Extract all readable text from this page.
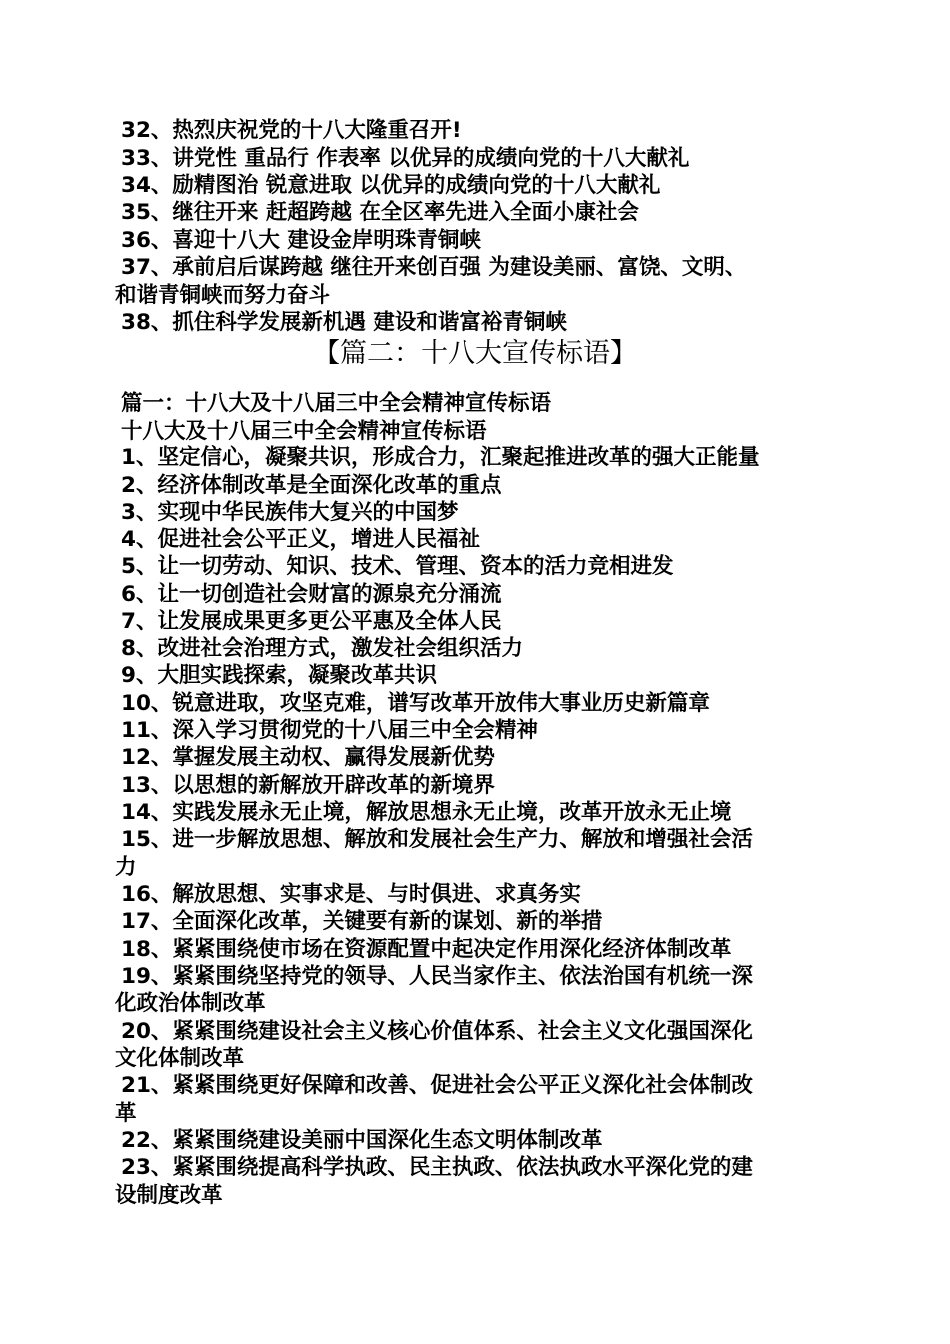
32、热烈庆祝党的十八大隆重召开!
33、讲党性 重品行 作表率 以优异的成绩向党的十八大献礼
34、励精图治 锐意进取 以优异的成绩向党的十八大献礼
35、继往开来 赶超跨越 在全区率先进入全面小康社会
36、喜迎十八大 建设金岸明珠青铜峡
37、承前启后谋跨越 继往开来创百强 为建设美丽、富饶、文明、
和谐青铜峡而努力奋斗
38、抓住科学发展新机遇 建设和谐富裕青铜峡
【篇二：十八大宣传标语】
篇一：十八大及十八届三中全会精神宣传标语
十八大及十八届三中全会精神宣传标语
1、坚定信心，凝聚共识，形成合力，汇聚起推进改革的强大正能量
2、经济体制改革是全面深化改革的重点
3、实现中华民族伟大复兴的中国梦
4、促进社会公平正义，增进人民福祉
5、让一切劳动、知识、技术、管理、资本的活力竞相进发
6、让一切创造社会财富的源泉充分涌流
7、让发展成果更多更公平惠及全体人民
8、改进社会治理方式，激发社会组织活力
9、大胆实践探索，凝聚改革共识
10、锐意进取，攻坚克难，谱写改革开放伟大事业历史新篇章
11、深入学习贯彻党的十八届三中全会精神
12、掌握发展主动权、赢得发展新优势
13、以思想的新解放开辟改革的新境界
14、实践发展永无止境，解放思想永无止境，改革开放永无止境
15、进一步解放思想、解放和发展社会生产力、解放和增强社会活
力
16、解放思想、实事求是、与时俱进、求真务实
17、全面深化改革，关键要有新的谋划、新的举措
18、紧紧围绕使市场在资源配置中起决定作用深化经济体制改革
19、紧紧围绕坚持党的领导、人民当家作主、依法治国有机统一深
化政治体制改革
20、紧紧围绕建设社会主义核心价值体系、社会主义文化强国深化
文化体制改革
21、紧紧围绕更好保障和改善、促进社会公平正义深化社会体制改
革
22、紧紧围绕建设美丽中国深化生态文明体制改革
23、紧紧围绕提高科学执政、民主执政、依法执政水平深化党的建
设制度改革
